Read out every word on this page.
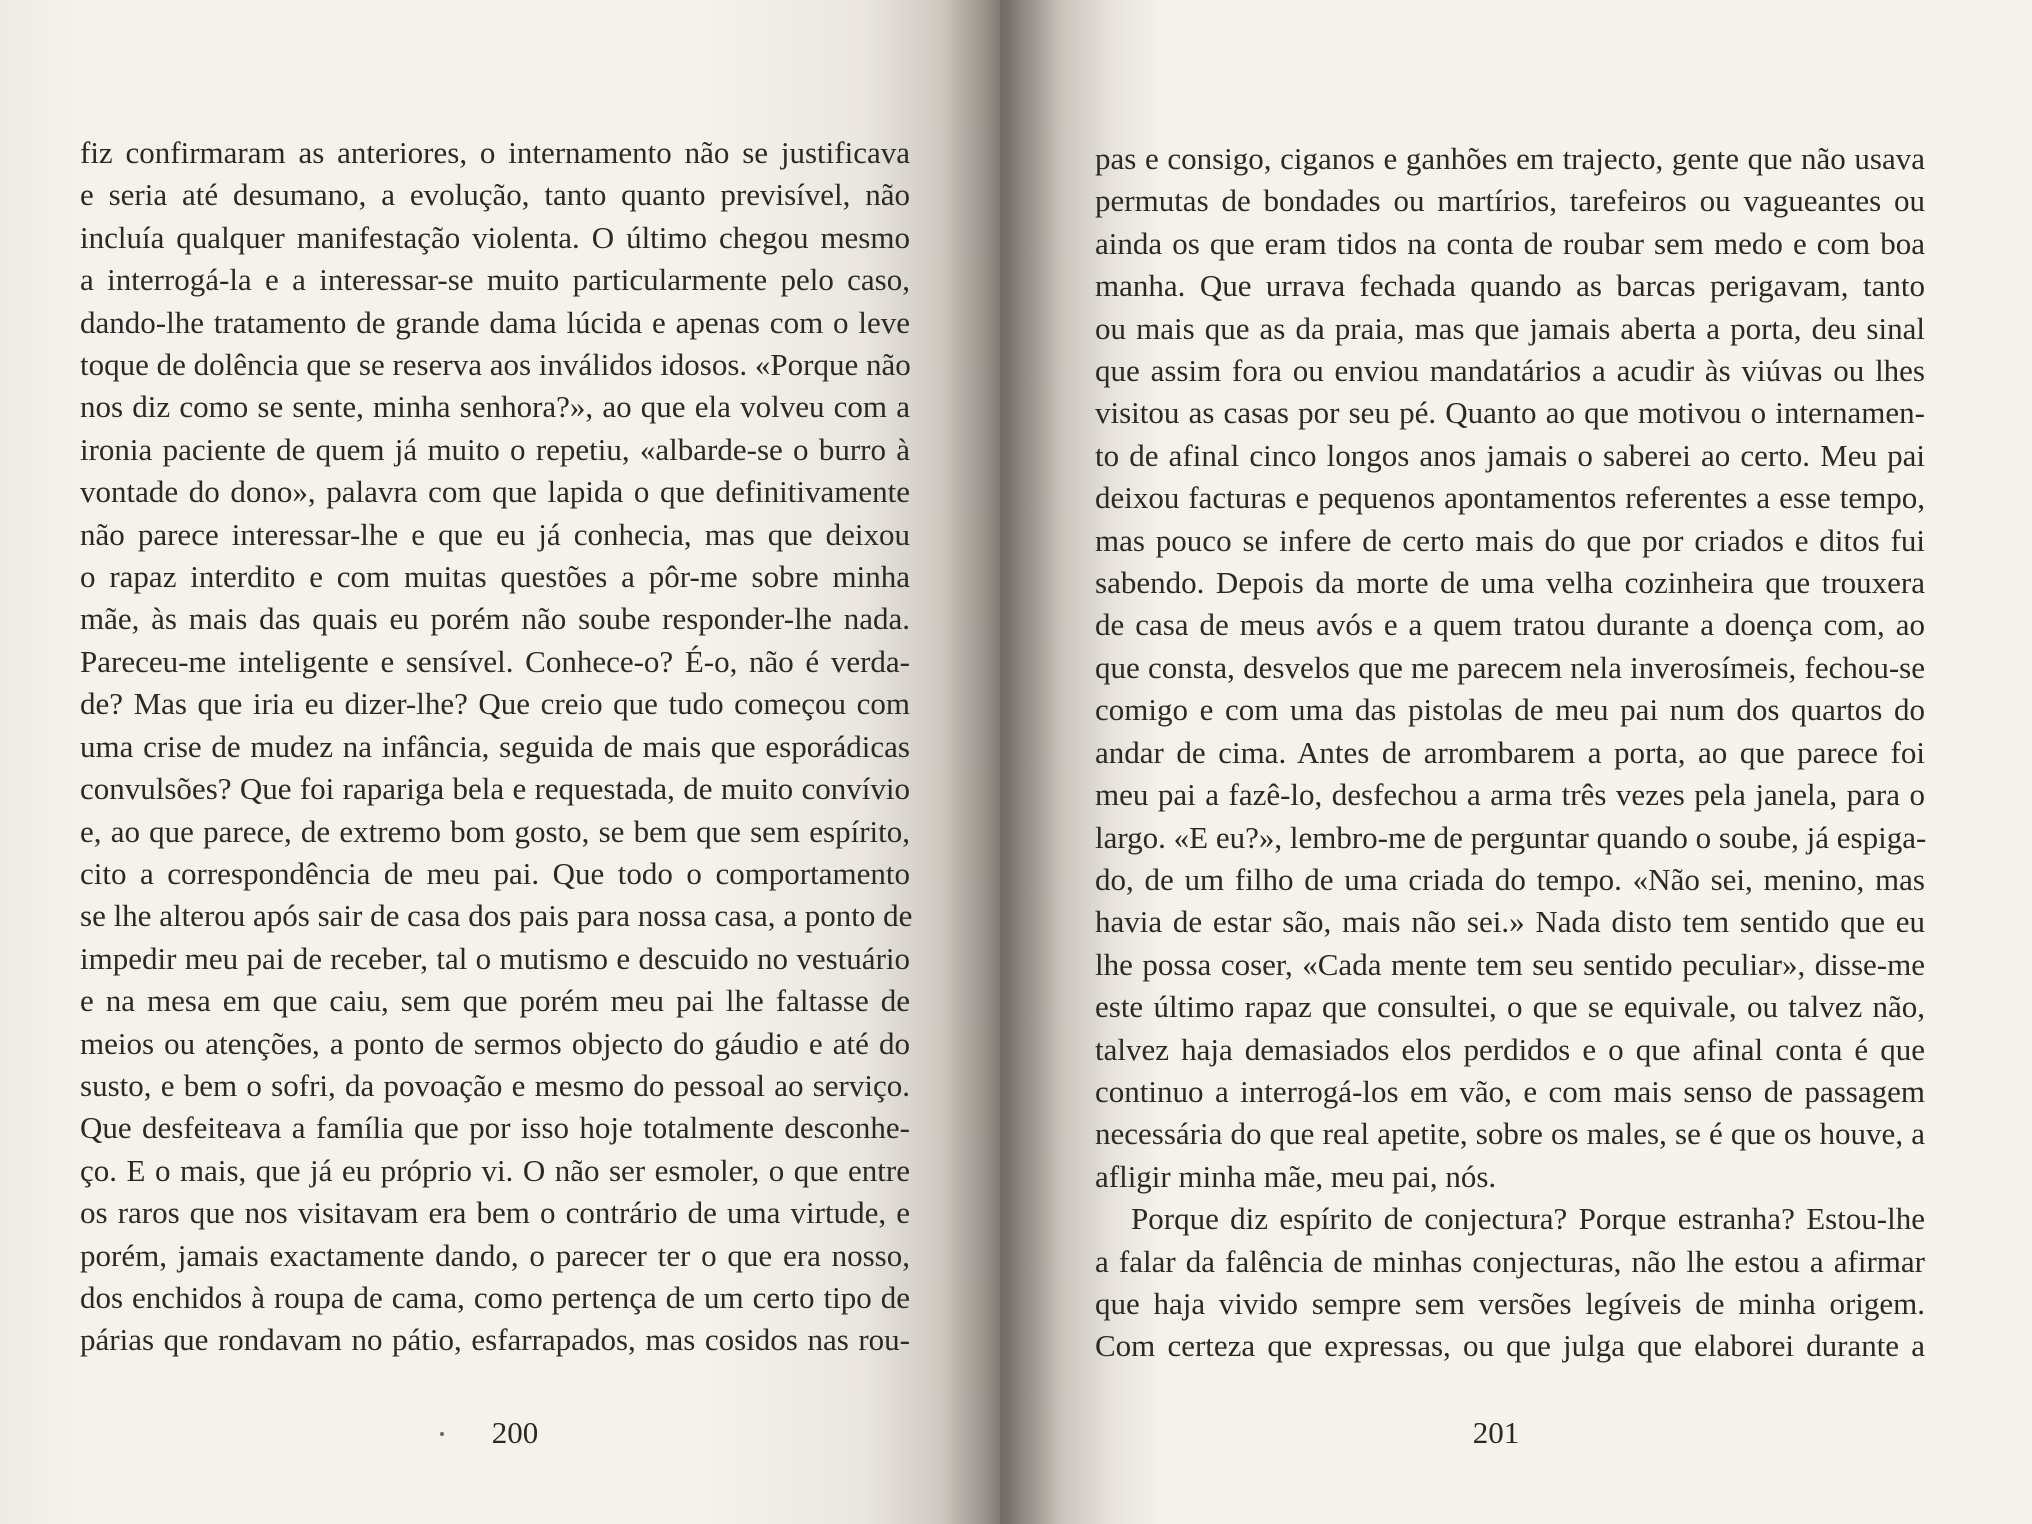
fiz confirmaram as anteriores, o internamento não se justificava
e seria até desumano, a evolução, tanto quanto previsível, não
incluía qualquer manifestação violenta. O último chegou mesmo
a interrogá-la e a interessar-se muito particularmente pelo caso,
dando-lhe tratamento de grande dama lúcida e apenas com o leve
toque de dolência que se reserva aos inválidos idosos. «Porque não
nos diz como se sente, minha senhora?», ao que ela volveu com a
ironia paciente de quem já muito o repetiu, «albarde-se o burro à
vontade do dono», palavra com que lapida o que definitivamente
não parece interessar-lhe e que eu já conhecia, mas que deixou
o rapaz interdito e com muitas questões a pôr-me sobre minha
mãe, às mais das quais eu porém não soube responder-lhe nada.
Pareceu-me inteligente e sensível. Conhece-o? É-o, não é verda-
de? Mas que iria eu dizer-lhe? Que creio que tudo começou com
uma crise de mudez na infância, seguida de mais que esporádicas
convulsões? Que foi rapariga bela e requestada, de muito convívio
e, ao que parece, de extremo bom gosto, se bem que sem espírito,
cito a correspondência de meu pai. Que todo o comportamento
se lhe alterou após sair de casa dos pais para nossa casa, a ponto de
impedir meu pai de receber, tal o mutismo e descuido no vestuário
e na mesa em que caiu, sem que porém meu pai lhe faltasse de
meios ou atenções, a ponto de sermos objecto do gáudio e até do
susto, e bem o sofri, da povoação e mesmo do pessoal ao serviço.
Que desfeiteava a família que por isso hoje totalmente desconhe-
ço. E o mais, que já eu próprio vi. O não ser esmoler, o que entre
os raros que nos visitavam era bem o contrário de uma virtude, e
porém, jamais exactamente dando, o parecer ter o que era nosso,
dos enchidos à roupa de cama, como pertença de um certo tipo de
párias que rondavam no pátio, esfarrapados, mas cosidos nas rou-
200
pas e consigo, ciganos e ganhões em trajecto, gente que não usava
permutas de bondades ou martírios, tarefeiros ou vagueantes ou
ainda os que eram tidos na conta de roubar sem medo e com boa
manha. Que urrava fechada quando as barcas perigavam, tanto
ou mais que as da praia, mas que jamais aberta a porta, deu sinal
que assim fora ou enviou mandatários a acudir às viúvas ou lhes
visitou as casas por seu pé. Quanto ao que motivou o internamen-
to de afinal cinco longos anos jamais o saberei ao certo. Meu pai
deixou facturas e pequenos apontamentos referentes a esse tempo,
mas pouco se infere de certo mais do que por criados e ditos fui
sabendo. Depois da morte de uma velha cozinheira que trouxera
de casa de meus avós e a quem tratou durante a doença com, ao
que consta, desvelos que me parecem nela inverosímeis, fechou-se
comigo e com uma das pistolas de meu pai num dos quartos do
andar de cima. Antes de arrombarem a porta, ao que parece foi
meu pai a fazê-lo, desfechou a arma três vezes pela janela, para o
largo. «E eu?», lembro-me de perguntar quando o soube, já espiga-
do, de um filho de uma criada do tempo. «Não sei, menino, mas
havia de estar são, mais não sei.» Nada disto tem sentido que eu
lhe possa coser, «Cada mente tem seu sentido peculiar», disse-me
este último rapaz que consultei, o que se equivale, ou talvez não,
talvez haja demasiados elos perdidos e o que afinal conta é que
continuo a interrogá-los em vão, e com mais senso de passagem
necessária do que real apetite, sobre os males, se é que os houve, a
afligir minha mãe, meu pai, nós.
Porque diz espírito de conjectura? Porque estranha? Estou-lhe
a falar da falência de minhas conjecturas, não lhe estou a afirmar
que haja vivido sempre sem versões legíveis de minha origem.
Com certeza que expressas, ou que julga que elaborei durante a
201
